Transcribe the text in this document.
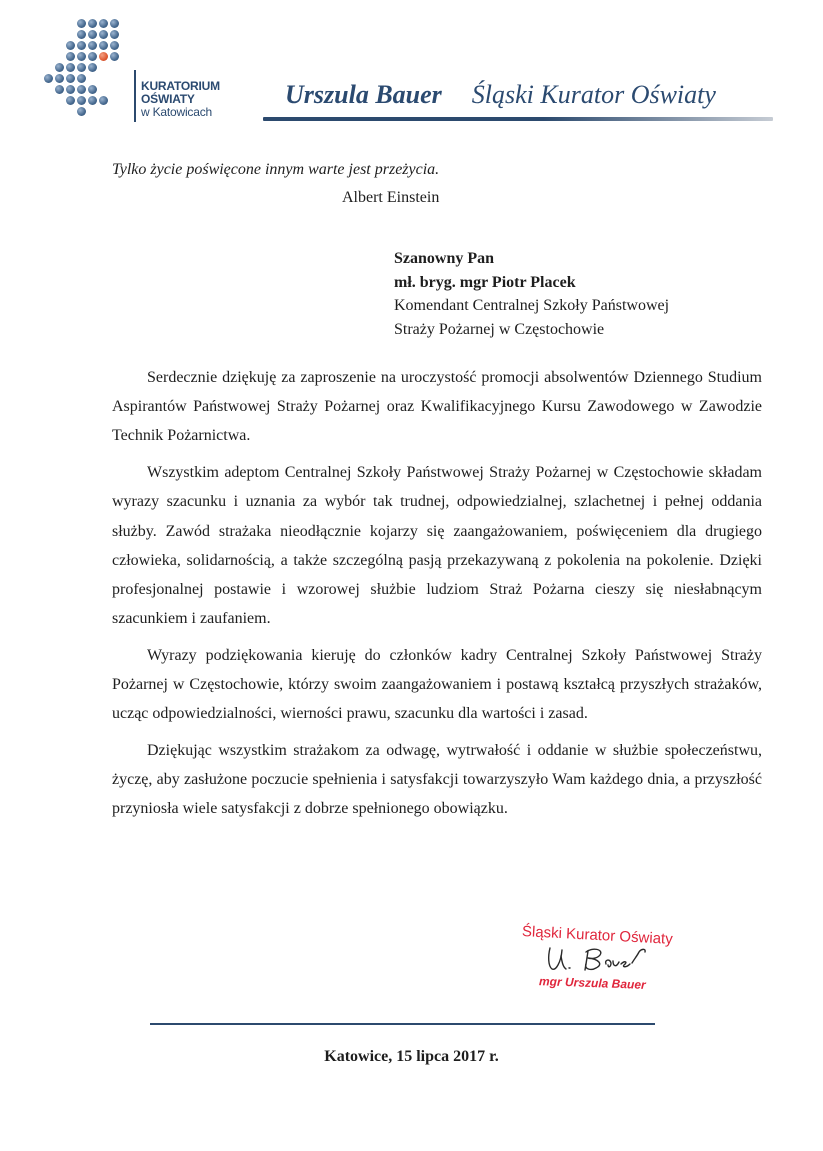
KURATORIUM
OŚWIATY
w Katowicach
Urszula Bauer Śląski Kurator Oświaty
Tylko życie poświęcone innym warte jest przeżycia.
Albert Einstein
Szanowny Pan
mł. bryg. mgr Piotr Placek
Komendant Centralnej Szkoły Państwowej
Straży Pożarnej w Częstochowie

Serdecznie dziękuję za zaproszenie na uroczystość promocji absolwentów Dziennego Studium Aspirantów Państwowej Straży Pożarnej oraz Kwalifikacyjnego Kursu Zawodowego w Zawodzie Technik Pożarnictwa.

Wszystkim adeptom Centralnej Szkoły Państwowej Straży Pożarnej w Częstochowie składam wyrazy szacunku i uznania za wybór tak trudnej, odpowiedzialnej, szlachetnej i pełnej oddania służby. Zawód strażaka nieodłącznie kojarzy się zaangażowaniem, poświęceniem dla drugiego człowieka, solidarnością, a także szczególną pasją przekazywaną z pokolenia na pokolenie. Dzięki profesjonalnej postawie i wzorowej służbie ludziom Straż Pożarna cieszy się niesłabnącym szacunkiem i zaufaniem.

Wyrazy podziękowania kieruję do członków kadry Centralnej Szkoły Państwowej Straży Pożarnej w Częstochowie, którzy swoim zaangażowaniem i postawą kształcą przyszłych strażaków, ucząc odpowiedzialności, wierności prawu, szacunku dla wartości i zasad.

Dziękując wszystkim strażakom za odwagę, wytrwałość i oddanie w służbie społeczeństwu, życzę, aby zasłużone poczucie spełnienia i satysfakcji towarzyszyło Wam każdego dnia, a przyszłość przyniosła wiele satysfakcji z dobrze spełnionego obowiązku.

Śląski Kurator Oświaty
mgr Urszula Bauer
Katowice, 15 lipca 2017 r.
